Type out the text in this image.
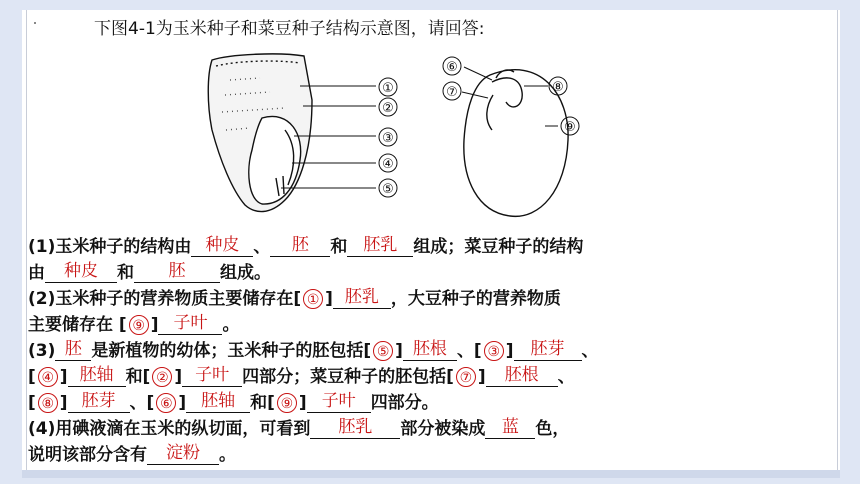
下图4-1为玉米种子和菜豆种子结构示意图，请回答:
①
②
③
④
⑤
⑥
⑦	⑧
⑨
(1)玉米种子的结构由 种皮 、	胚	和 胚乳 组成；菜豆种子的结构
由	种皮	和	胚	组成。
(2)玉米种子的营养物质主要储存在[ ① ] 胚乳 ，大豆种子的营养物质
主要储存在 [ ⑨ ] 子叶 。
(3) 胚 是新植物的幼体；玉米种子的胚包括[ ⑤ ] 胚根 、[ ③ ]	胚芽	、
[ ④ ] 胚轴 和[ ② ] 子叶 四部分；菜豆种子的胚包括[ ⑦ ]	胚根	、
[ ⑧ ] 胚芽 、[ ⑥ ] 胚轴 和[ ⑨ ] 子叶 四部分。
(4)用碘液滴在玉米的纵切面，可看到	胚乳	部分被染成 蓝 色，
说明该部分含有	淀粉	。
